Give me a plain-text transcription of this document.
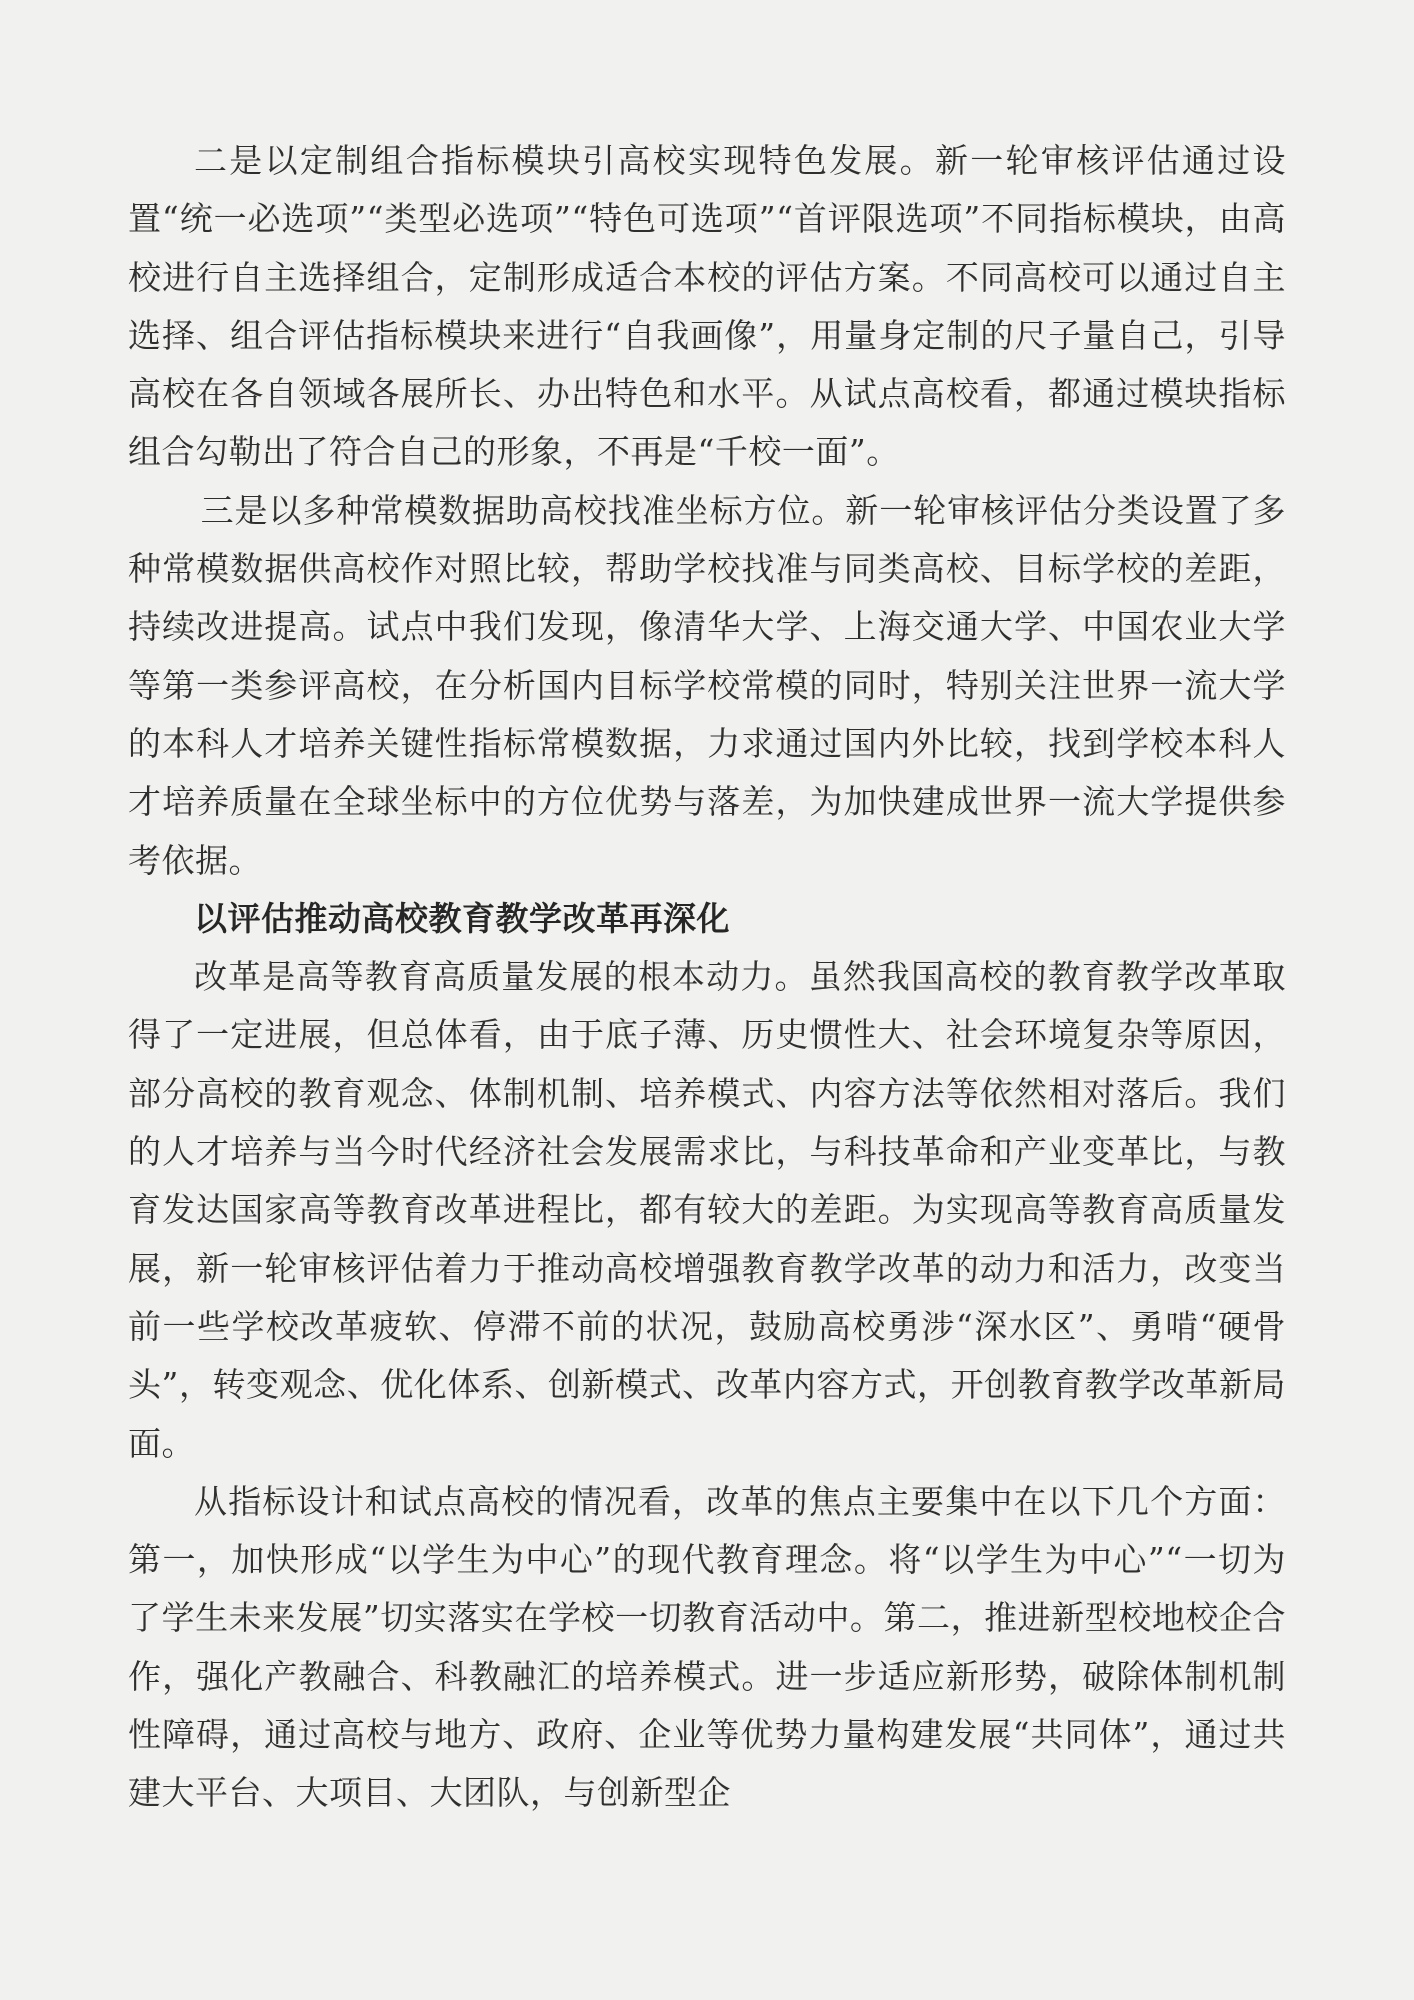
二是以定制组合指标模块引高校实现特色发展。新一轮审核评估通过设置“统一必选项”“类型必选项”“特色可选项”“首评限选项”不同指标模块，由高校进行自主选择组合，定制形成适合本校的评估方案。不同高校可以通过自主选择、组合评估指标模块来进行“自我画像”，用量身定制的尺子量自己，引导高校在各自领域各展所长、办出特色和水平。从试点高校看，都通过模块指标组合勾勒出了符合自己的形象，不再是“千校一面”。

三是以多种常模数据助高校找准坐标方位。新一轮审核评估分类设置了多种常模数据供高校作对照比较，帮助学校找准与同类高校、目标学校的差距，持续改进提高。试点中我们发现，像清华大学、上海交通大学、中国农业大学等第一类参评高校，在分析国内目标学校常模的同时，特别关注世界一流大学的本科人才培养关键性指标常模数据，力求通过国内外比较，找到学校本科人才培养质量在全球坐标中的方位优势与落差，为加快建成世界一流大学提供参考依据。

以评估推动高校教育教学改革再深化

改革是高等教育高质量发展的根本动力。虽然我国高校的教育教学改革取得了一定进展，但总体看，由于底子薄、历史惯性大、社会环境复杂等原因，部分高校的教育观念、体制机制、培养模式、内容方法等依然相对落后。我们的人才培养与当今时代经济社会发展需求比，与科技革命和产业变革比，与教育发达国家高等教育改革进程比，都有较大的差距。为实现高等教育高质量发展，新一轮审核评估着力于推动高校增强教育教学改革的动力和活力，改变当前一些学校改革疲软、停滞不前的状况，鼓励高校勇涉“深水区”、勇啃“硬骨头”，转变观念、优化体系、创新模式、改革内容方式，开创教育教学改革新局面。

从指标设计和试点高校的情况看，改革的焦点主要集中在以下几个方面：第一，加快形成“以学生为中心”的现代教育理念。将“以学生为中心”“一切为了学生未来发展”切实落实在学校一切教育活动中。第二，推进新型校地校企合作，强化产教融合、科教融汇的培养模式。进一步适应新形势，破除体制机制性障碍，通过高校与地方、政府、企业等优势力量构建发展“共同体”，通过共建大平台、大项目、大团队，与创新型企
